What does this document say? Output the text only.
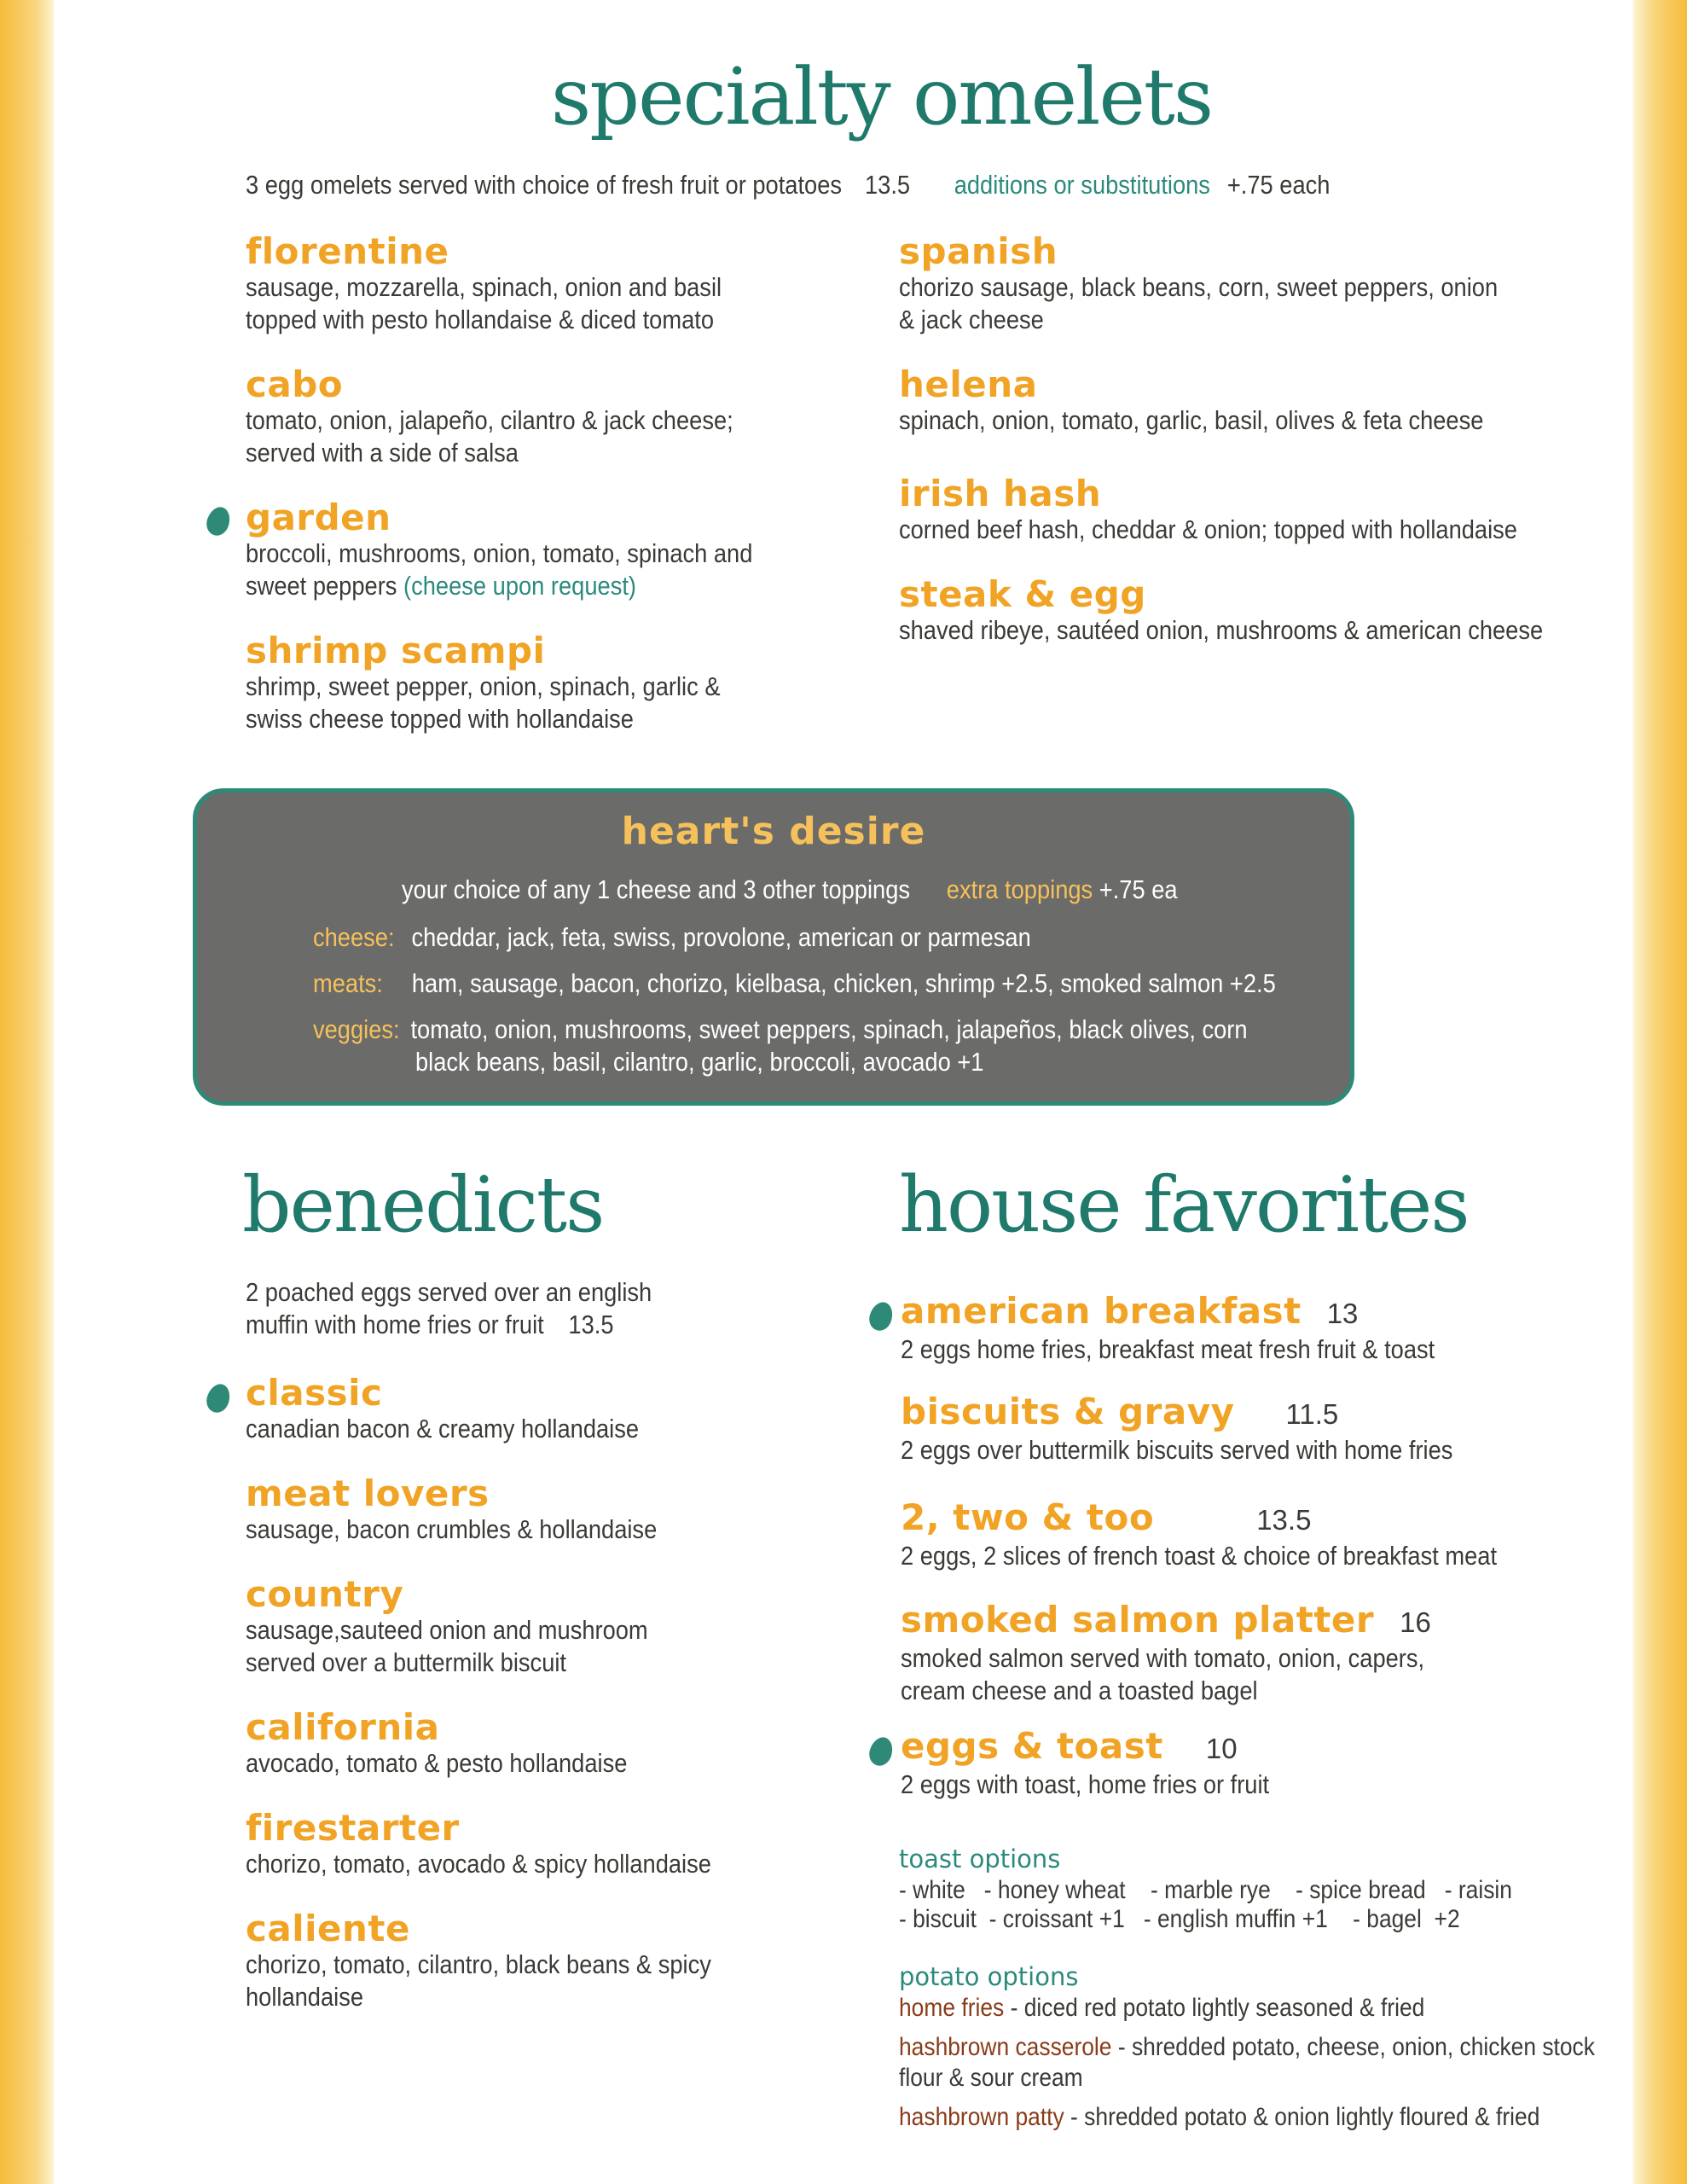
specialty omelets
3 egg omelets served with choice of fresh fruit or potatoes 13.5 additions or substitutions +.75 each
florentine
sausage, mozzarella, spinach, onion and basil
topped with pesto hollandaise & diced tomato
cabo
tomato, onion, jalapeño, cilantro & jack cheese;
served with a side of salsa
garden
broccoli, mushrooms, onion, tomato, spinach and
sweet peppers (cheese upon request)
shrimp scampi
shrimp, sweet pepper, onion, spinach, garlic &
swiss cheese topped with hollandaise
spanish
chorizo sausage, black beans, corn, sweet peppers, onion
& jack cheese
helena
spinach, onion, tomato, garlic, basil, olives & feta cheese
irish hash
corned beef hash, cheddar & onion; topped with hollandaise
steak & egg
shaved ribeye, sautéed onion, mushrooms & american cheese
heart's desire
your choice of any 1 cheese and 3 other toppings extra toppings +.75 ea
cheese: cheddar, jack, feta, swiss, provolone, american or parmesan
meats: ham, sausage, bacon, chorizo, kielbasa, chicken, shrimp +2.5, smoked salmon +2.5
veggies: tomato, onion, mushrooms, sweet peppers, spinach, jalapeños, black olives, corn
black beans, basil, cilantro, garlic, broccoli, avocado +1
benedicts
2 poached eggs served over an english
muffin with home fries or fruit 13.5
classic
canadian bacon & creamy hollandaise
meat lovers
sausage, bacon crumbles & hollandaise
country
sausage,sauteed onion and mushroom
served over a buttermilk biscuit
california
avocado, tomato & pesto hollandaise
firestarter
chorizo, tomato, avocado & spicy hollandaise
caliente
chorizo, tomato, cilantro, black beans & spicy
hollandaise
house favorites
american breakfast 13
2 eggs home fries, breakfast meat fresh fruit & toast
biscuits & gravy 11.5
2 eggs over buttermilk biscuits served with home fries
2, two & too	13.5
2 eggs, 2 slices of french toast & choice of breakfast meat
smoked salmon platter 16
smoked salmon served with tomato, onion, capers,
cream cheese and a toasted bagel
eggs & toast 10
2 eggs with toast, home fries or fruit
toast options
- white   - honey wheat    - marble rye    - spice bread   - raisin
- biscuit  - croissant +1   - english muffin +1    - bagel  +2
potato options
home fries - diced red potato lightly seasoned & fried
hashbrown casserole - shredded potato, cheese, onion, chicken stock
flour & sour cream
hashbrown patty - shredded potato & onion lightly floured & fried
